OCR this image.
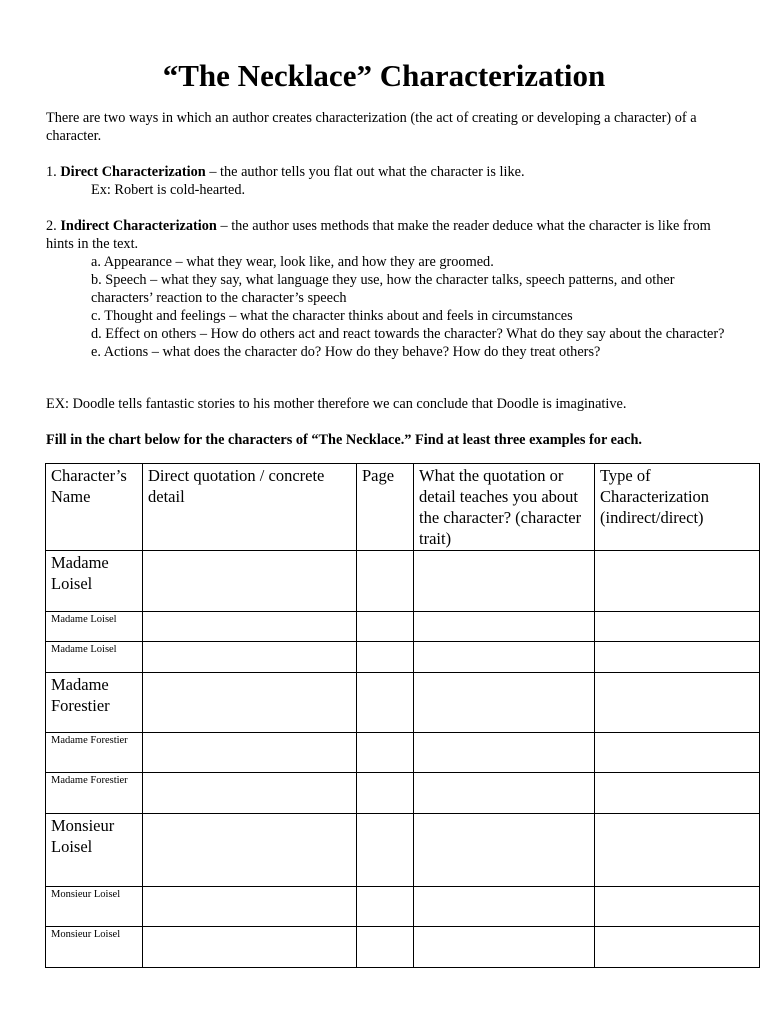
“The Necklace” Characterization

There are two ways in which an author creates characterization (the act of creating or developing a character) of a character.

1. Direct Characterization – the author tells you flat out what the character is like.

Ex: Robert is cold-hearted.

2. Indirect Characterization – the author uses methods that make the reader deduce what the character is like from hints in the text.

a. Appearance – what they wear, look like, and how they are groomed.
b. Speech – what they say, what language they use, how the character talks, speech patterns, and other characters’ reaction to the character’s speech
c. Thought and feelings – what the character thinks about and feels in circumstances
d. Effect on others – How do others act and react towards the character? What do they say about the character?
e. Actions – what does the character do? How do they behave? How do they treat others?

EX: Doodle tells fantastic stories to his mother therefore we can conclude that Doodle is imaginative.

Fill in the chart below for the characters of “The Necklace.” Find at least three examples for each.

Character’s Name	Direct quotation / concrete detail	Page	What the quotation or detail teaches you about the character? (character trait)	Type of Characterization (indirect/direct)
Madame Loisel				
Madame Loisel				
Madame Loisel				
Madame Forestier				
Madame Forestier				
Madame Forestier				
Monsieur Loisel				
Monsieur Loisel				
Monsieur Loisel				
